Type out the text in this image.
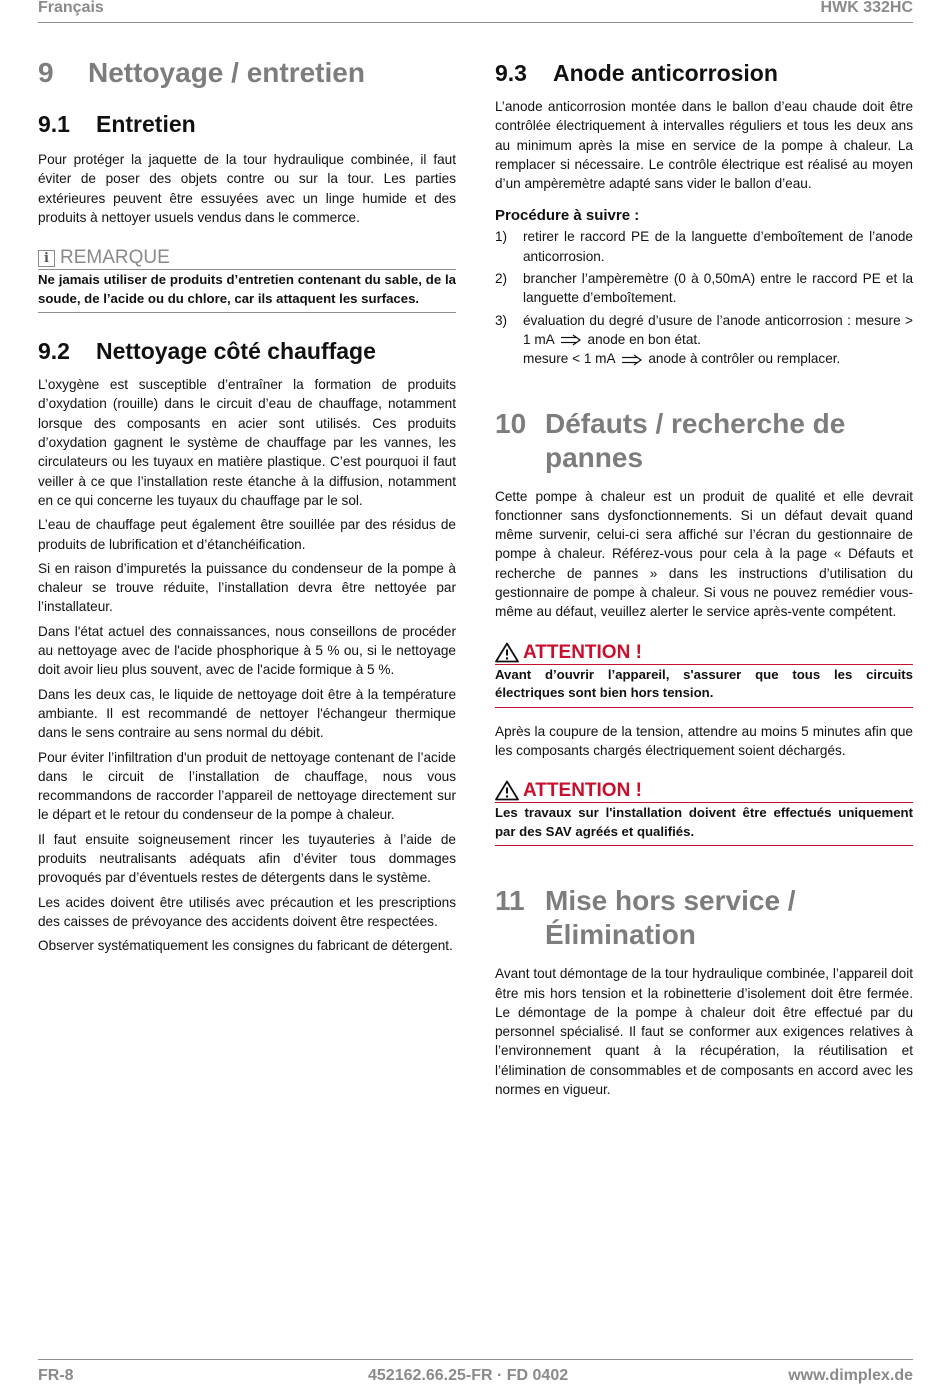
Français	HWK 332HC
9	Nettoyage / entretien
9.1	Entretien

Pour protéger la jaquette de la tour hydraulique combinée, il faut éviter de poser des objets contre ou sur la tour. Les parties extérieures peuvent être essuyées avec un linge humide et des produits à nettoyer usuels vendus dans le commerce.

i REMARQUE
Ne jamais utiliser de produits d’entretien contenant du sable, de la soude, de l’acide ou du chlore, car ils attaquent les surfaces.
9.2	Nettoyage côté chauffage

L’oxygène est susceptible d’entraîner la formation de produits d’oxydation (rouille) dans le circuit d’eau de chauffage, notamment lorsque des composants en acier sont utilisés. Ces produits d’oxydation gagnent le système de chauffage par les vannes, les circulateurs ou les tuyaux en matière plastique. C’est pourquoi il faut veiller à ce que l’installation reste étanche à la diffusion, notamment en ce qui concerne les tuyaux du chauffage par le sol.

L’eau de chauffage peut également être souillée par des résidus de produits de lubrification et d’étanchéification.

Si en raison d’impuretés la puissance du condenseur de la pompe à chaleur se trouve réduite, l’installation devra être nettoyée par l’installateur.

Dans l'état actuel des connaissances, nous conseillons de procéder au nettoyage avec de l'acide phosphorique à 5 % ou, si le nettoyage doit avoir lieu plus souvent, avec de l'acide formique à 5 %.

Dans les deux cas, le liquide de nettoyage doit être à la température ambiante. Il est recommandé de nettoyer l'échangeur thermique dans le sens contraire au sens normal du débit.

Pour éviter l’infiltration d'un produit de nettoyage contenant de l’acide dans le circuit de l’installation de chauffage, nous vous recommandons de raccorder l’appareil de nettoyage directement sur le départ et le retour du condenseur de la pompe à chaleur.

Il faut ensuite soigneusement rincer les tuyauteries à l’aide de produits neutralisants adéquats afin d’éviter tous dommages provoqués par d’éventuels restes de détergents dans le système.

Les acides doivent être utilisés avec précaution et les prescriptions des caisses de prévoyance des accidents doivent être respectées.

Observer systématiquement les consignes du fabricant de détergent.

9.3	Anode anticorrosion

L’anode anticorrosion montée dans le ballon d’eau chaude doit être contrôlée électriquement à intervalles réguliers et tous les deux ans au minimum après la mise en service de la pompe à chaleur. La remplacer si nécessaire. Le contrôle électrique est réalisé au moyen d’un ampèremètre adapté sans vider le ballon d’eau.

Procédure à suivre :
1)	retirer le raccord PE de la languette d’emboîtement de l’anode anticorrosion.
2)	brancher l’ampèremètre (0 à 0,50mA) entre le raccord PE et la languette d’emboîtement.
3)	évaluation du degré d’usure de l’anode anticorrosion : mesure > 1 mA anode en bon état.
mesure < 1 mA anode à contrôler ou remplacer.
10 Défauts / recherche de pannes

Cette pompe à chaleur est un produit de qualité et elle devrait fonctionner sans dysfonctionnements. Si un défaut devait quand même survenir, celui-ci sera affiché sur l’écran du gestionnaire de pompe à chaleur. Référez-vous pour cela à la page « Défauts et recherche de pannes » dans les instructions d’utilisation du gestionnaire de pompe à chaleur. Si vous ne pouvez remédier vous-même au défaut, veuillez alerter le service après-vente compétent.

ATTENTION !
Avant d’ouvrir l’appareil, s'assurer que tous les circuits électriques sont bien hors tension.

Après la coupure de la tension, attendre au moins 5 minutes afin que les composants chargés électriquement soient déchargés.

ATTENTION !
Les travaux sur l'installation doivent être effectués uniquement par des SAV agréés et qualifiés.
11 Mise hors service / Élimination

Avant tout démontage de la tour hydraulique combinée, l’appareil doit être mis hors tension et la robinetterie d’isolement doit être fermée. Le démontage de la pompe à chaleur doit être effectué par du personnel spécialisé. Il faut se conformer aux exigences relatives à l’environnement quant à la récupération, la réutilisation et l’élimination de consommables et de composants en accord avec les normes en vigueur.

FR-8	452162.66.25-FR · FD 0402	www.dimplex.de
